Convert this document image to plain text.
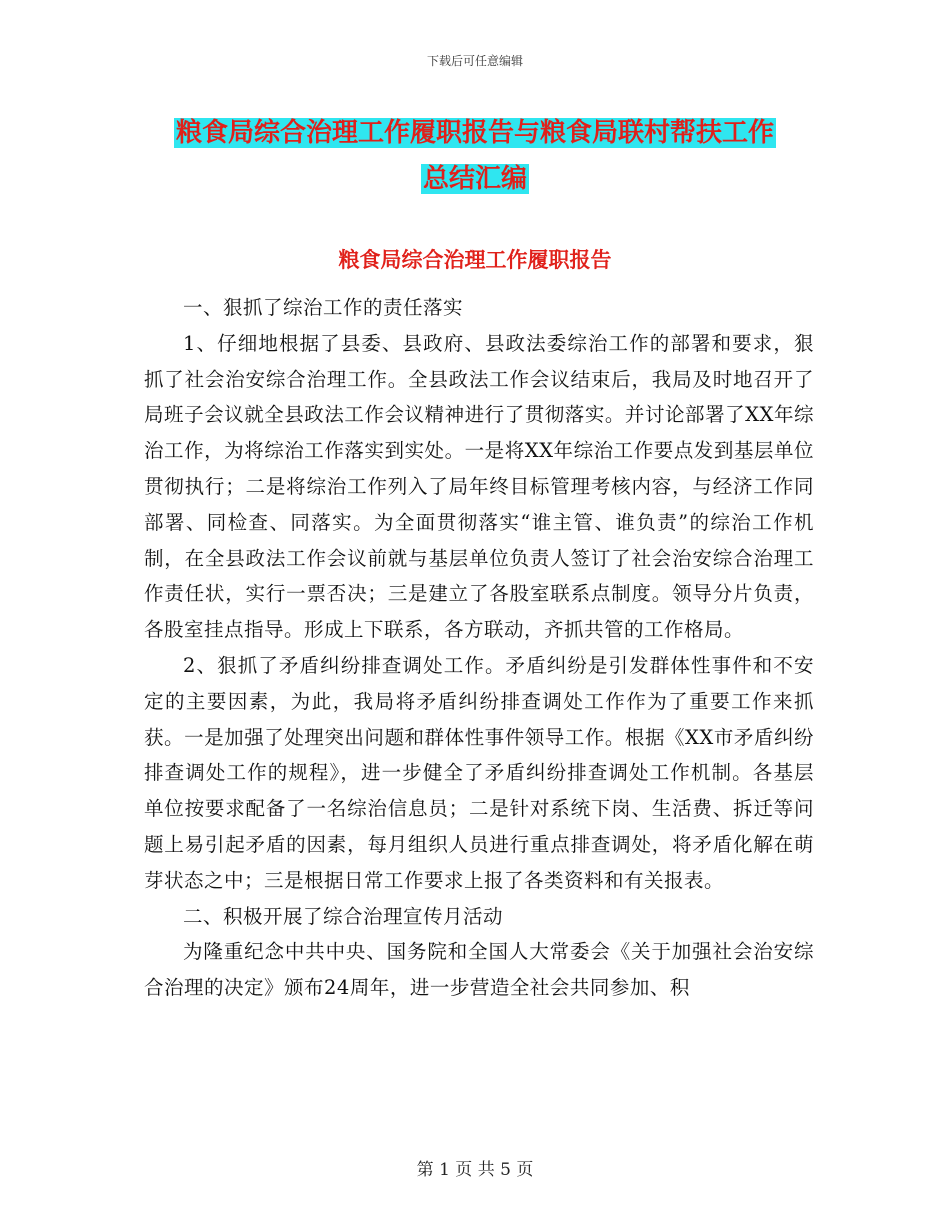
下载后可任意编辑
粮食局综合治理工作履职报告与粮食局联村帮扶工作
总结汇编
粮食局综合治理工作履职报告

一、狠抓了综治工作的责任落实

1、仔细地根据了县委、县政府、县政法委综治工作的部署和要求，狠抓了社会治安综合治理工作。全县政法工作会议结束后，我局及时地召开了局班子会议就全县政法工作会议精神进行了贯彻落实。并讨论部署了XX年综治工作，为将综治工作落实到实处。一是将XX年综治工作要点发到基层单位贯彻执行；二是将综治工作列入了局年终目标管理考核内容，与经济工作同部署、同检查、同落实。为全面贯彻落实“谁主管、谁负责”的综治工作机制，在全县政法工作会议前就与基层单位负责人签订了社会治安综合治理工作责任状，实行一票否决；三是建立了各股室联系点制度。领导分片负责，各股室挂点指导。形成上下联系，各方联动，齐抓共管的工作格局。

2、狠抓了矛盾纠纷排查调处工作。矛盾纠纷是引发群体性事件和不安定的主要因素，为此，我局将矛盾纠纷排查调处工作作为了重要工作来抓获。一是加强了处理突出问题和群体性事件领导工作。根据《XX市矛盾纠纷排查调处工作的规程》，进一步健全了矛盾纠纷排查调处工作机制。各基层单位按要求配备了一名综治信息员；二是针对系统下岗、生活费、拆迁等问题上易引起矛盾的因素，每月组织人员进行重点排查调处，将矛盾化解在萌芽状态之中；三是根据日常工作要求上报了各类资料和有关报表。

二、积极开展了综合治理宣传月活动

为隆重纪念中共中央、国务院和全国人大常委会《关于加强社会治安综合治理的决定》颁布24周年，进一步营造全社会共同参加、积

第 1 页 共 5 页
